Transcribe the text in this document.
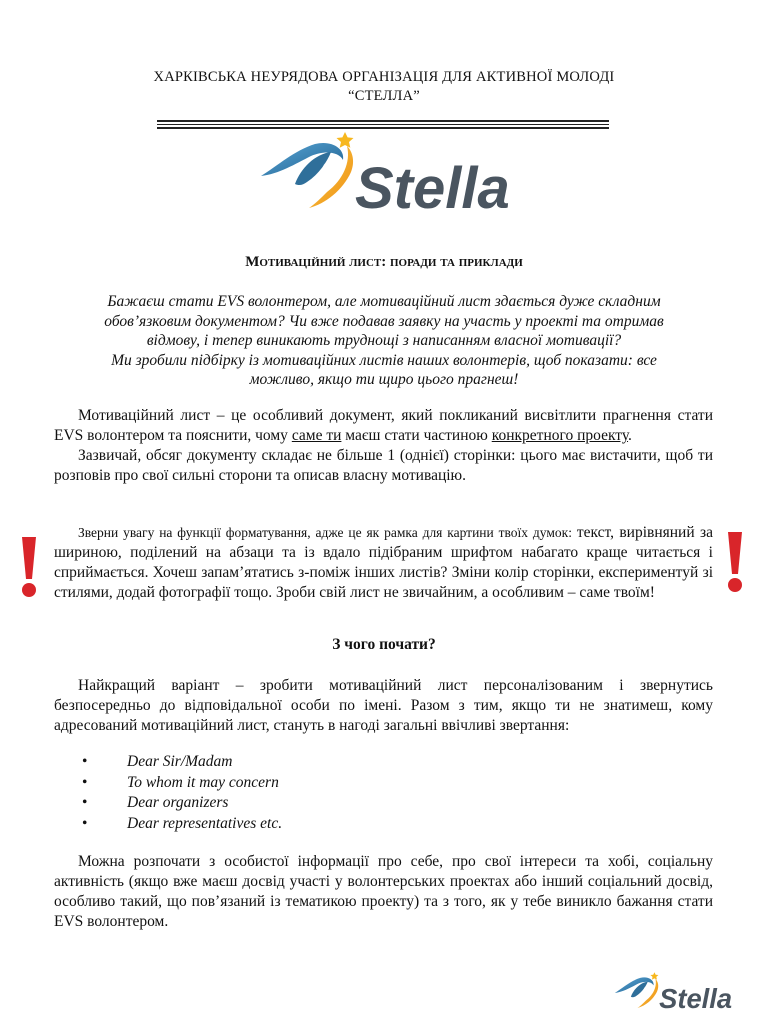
ХАРКІВСЬКА НЕУРЯДОВА ОРГАНІЗАЦІЯ ДЛЯ АКТИВНОЇ МОЛОДІ
“СТЕЛЛА”
Stella
Мотиваційний лист: поради та приклади

Бажаєш стати EVS волонтером, але мотиваційний лист здається дуже складним

обов’язковим документом? Чи вже подавав заявку на участь у проекті та отримав

відмову, і тепер виникають труднощі з написанням власної мотивації?

Ми зробили підбірку із мотиваційних листів наших волонтерів, щоб показати: все

можливо, якщо ти щиро цього прагнеш!

Мотиваційний лист – це особливий документ, який покликаний висвітлити прагнення стати EVS волонтером та пояснити, чому саме ти маєш стати частиною конкретного проекту.

Зазвичай, обсяг документу складає не більше 1 (однієї) сторінки: цього має вистачити, щоб ти розповів про свої сильні сторони та описав власну мотивацію.

Зверни увагу на функції форматування, адже це як рамка для картини твоїх думок: текст, вирівняний за шириною, поділений на абзаци та із вдало підібраним шрифтом набагато краще читається і сприймається. Хочеш запам’ятатись з-поміж інших листів? Зміни колір сторінки, експериментуй зі стилями, додай фотографії тощо. Зроби свій лист не звичайним, а особливим – саме твоїм!

З чого почати?

Найкращий варіант – зробити мотиваційний лист персоналізованим і звернутись безпосередньо до відповідальної особи по імені. Разом з тим, якщо ти не знатимеш, кому адресований мотиваційний лист, стануть в нагоді загальні ввічливі звертання:

•	Dear Sir/Madam
•	To whom it may concern
•	Dear organizers
•	Dear representatives etc.

Можна розпочати з особистої інформації про себе, про свої інтереси та хобі, соціальну активність (якщо вже маєш досвід участі у волонтерських проектах або інший соціальний досвід, особливо такий, що пов’язаний із тематикою проекту) та з того, як у тебе виникло бажання стати EVS волонтером.

Stella
